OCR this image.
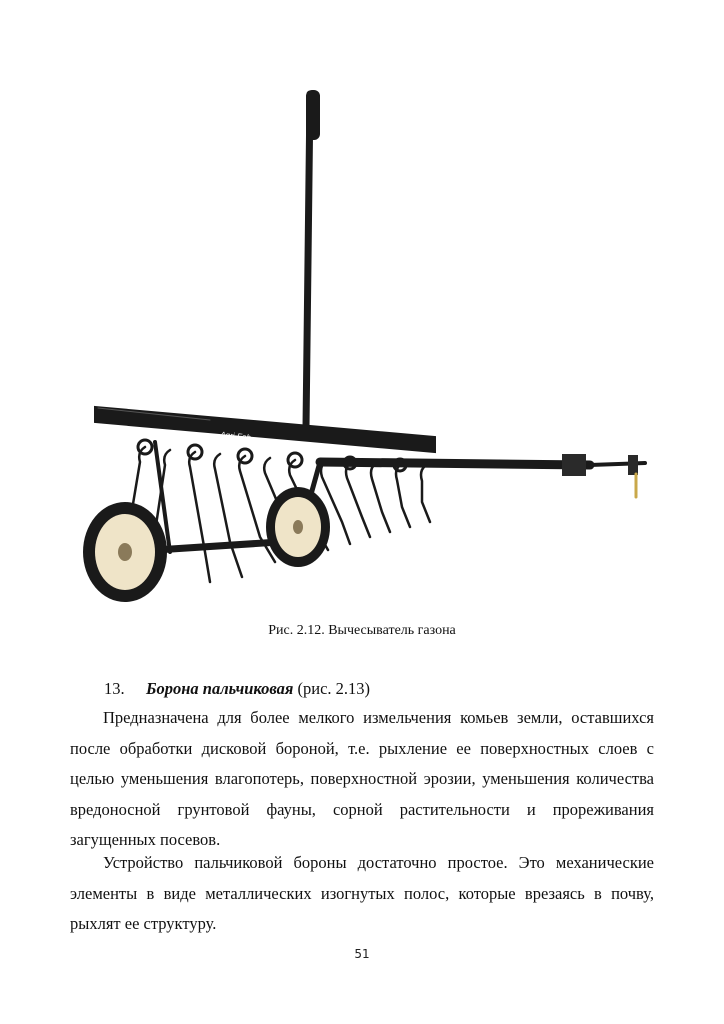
Agri-Fab
Рис. 2.12. Вычесыватель газона
13. Борона пальчиковая (рис. 2.13)

Предназначена для более мелкого измельчения комьев земли, оставшихся после обработки дисковой бороной, т.е. рыхление ее поверхностных слоев с целью уменьшения влагопотерь, поверхностной эрозии, уменьшения количества вредоносной грунтовой фауны, сорной растительности и прореживания загущенных посевов.

Устройство пальчиковой бороны достаточно простое. Это механические элементы в виде металлических изогнутых полос, которые врезаясь в почву, рыхлят ее структуру.

51
